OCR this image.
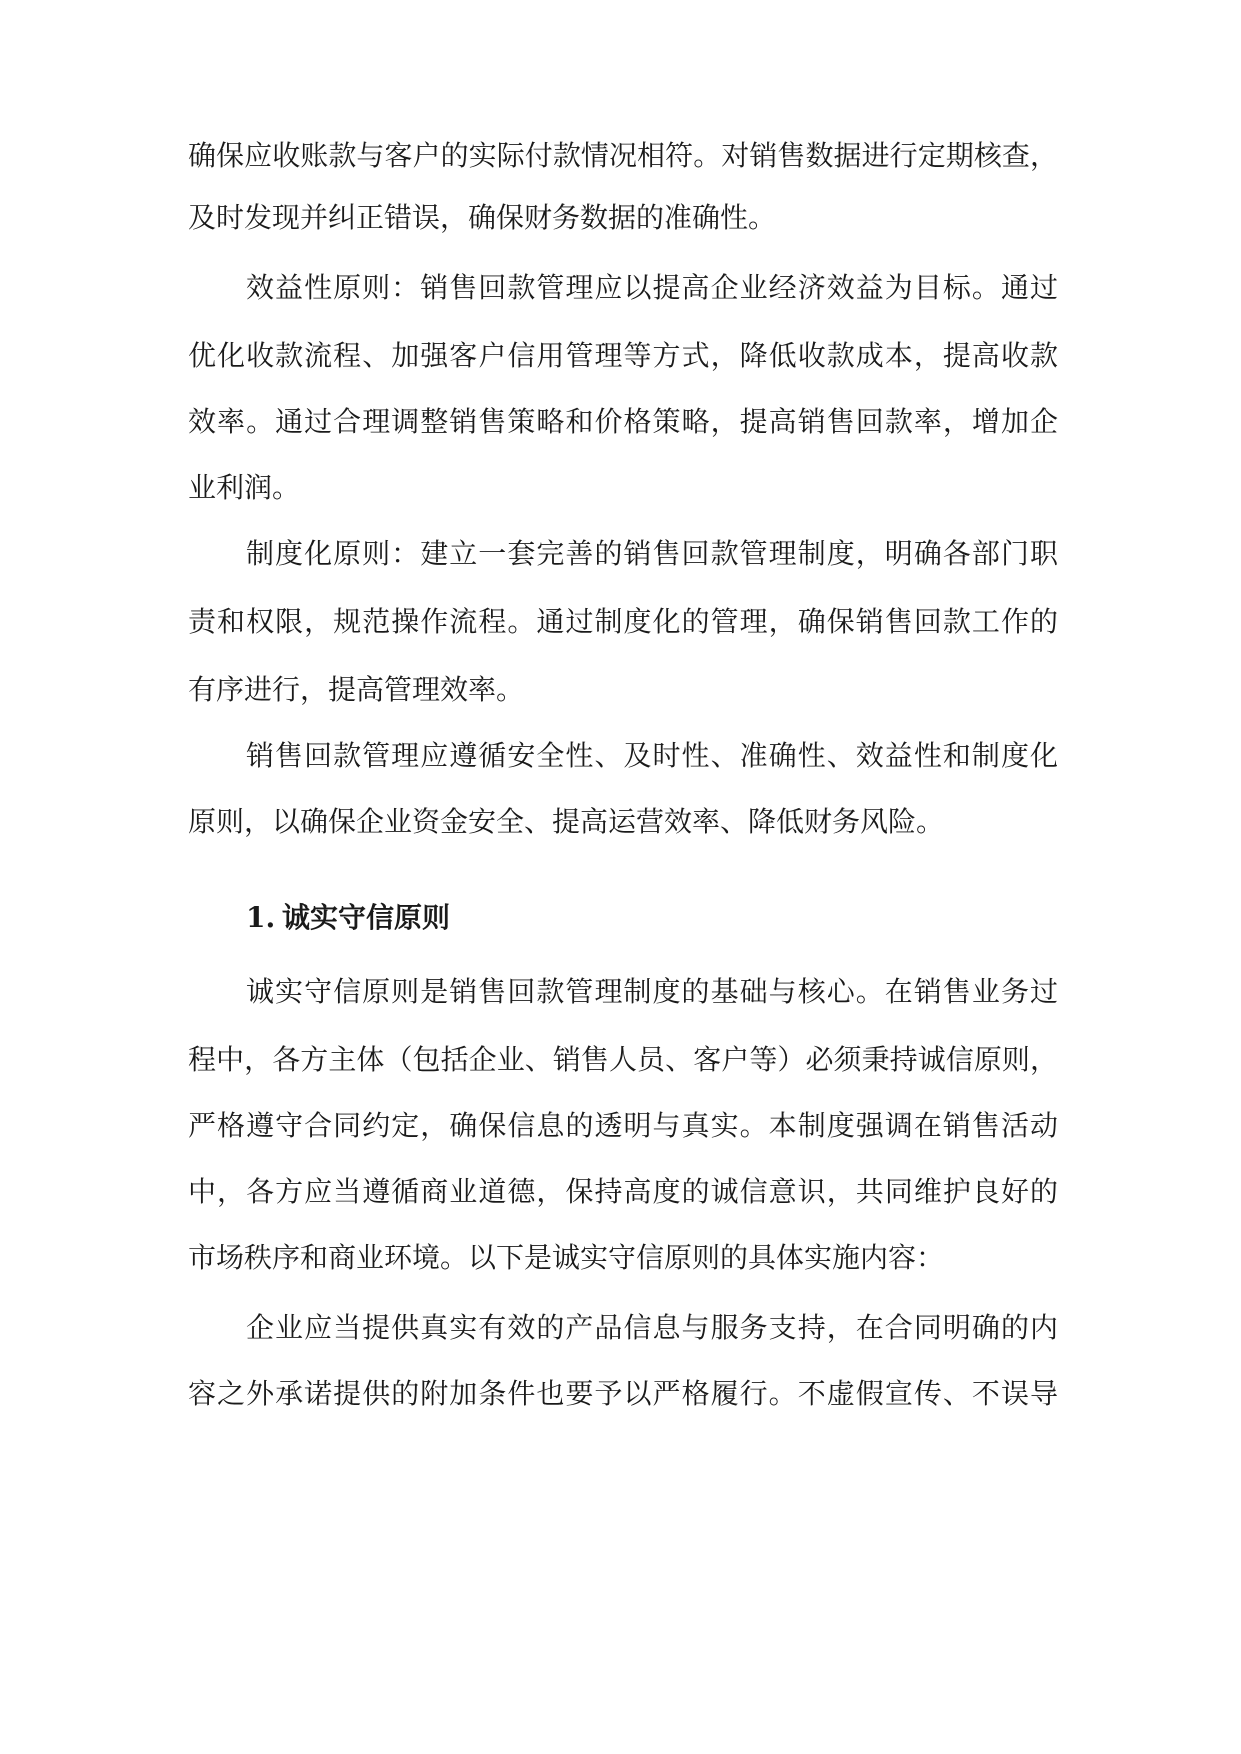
确保应收账款与客户的实际付款情况相符。对销售数据进行定期核查，
及时发现并纠正错误，确保财务数据的准确性。
效益性原则：销售回款管理应以提高企业经济效益为目标。通过
优化收款流程、加强客户信用管理等方式，降低收款成本，提高收款
效率。通过合理调整销售策略和价格策略，提高销售回款率，增加企
业利润。
制度化原则：建立一套完善的销售回款管理制度，明确各部门职
责和权限，规范操作流程。通过制度化的管理，确保销售回款工作的
有序进行，提高管理效率。
销售回款管理应遵循安全性、及时性、准确性、效益性和制度化
原则，以确保企业资金安全、提高运营效率、降低财务风险。
1. 诚实守信原则
诚实守信原则是销售回款管理制度的基础与核心。在销售业务过
程中，各方主体（包括企业、销售人员、客户等）必须秉持诚信原则，
严格遵守合同约定，确保信息的透明与真实。本制度强调在销售活动
中，各方应当遵循商业道德，保持高度的诚信意识，共同维护良好的
市场秩序和商业环境。以下是诚实守信原则的具体实施内容：
企业应当提供真实有效的产品信息与服务支持，在合同明确的内
容之外承诺提供的附加条件也要予以严格履行。不虚假宣传、不误导
